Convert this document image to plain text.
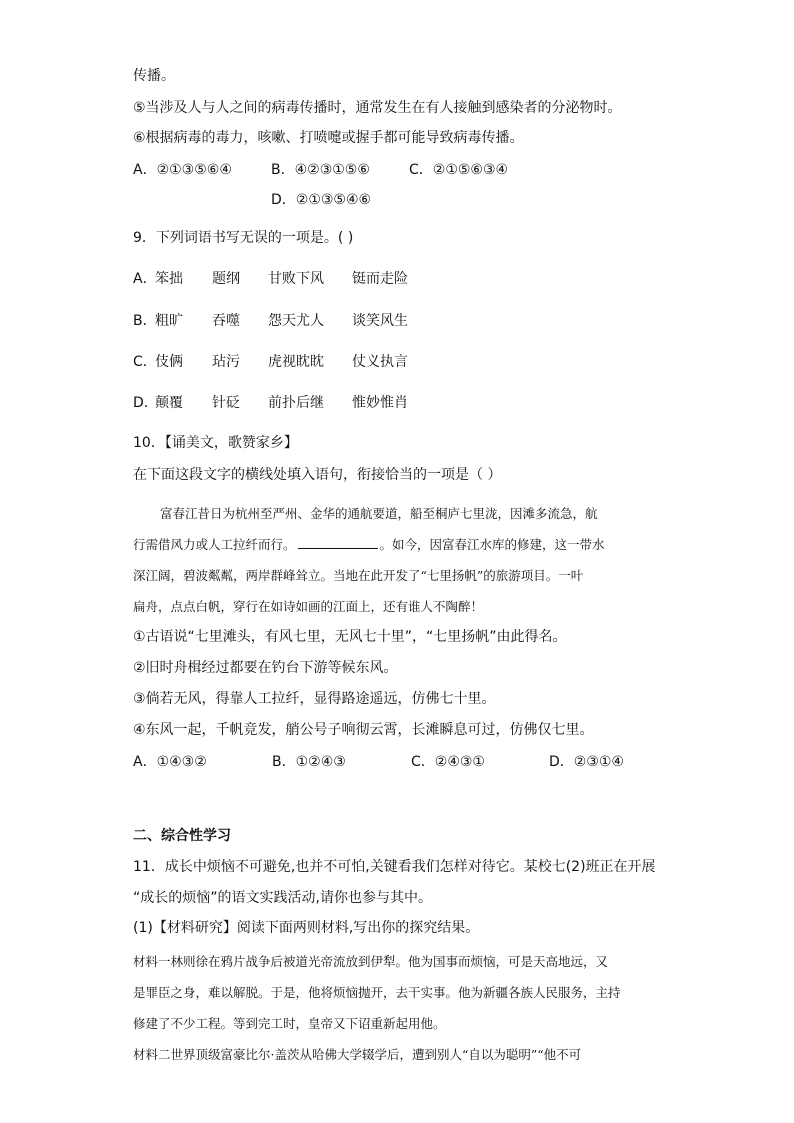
传播。
⑤当涉及人与人之间的病毒传播时，通常发生在有人接触到感染者的分泌物时。
⑥根据病毒的毒力，咳嗽、打喷嚏或握手都可能导致病毒传播。
A．②①③⑤⑥④	B．④②③①⑤⑥	C．②①⑤⑥③④
D．②①③⑤④⑥
9．下列词语书写无误的一项是。( )
A．笨拙 题纲 甘败下风 铤而走险
B．粗旷 吞噬 怨天尤人 谈笑风生
C．伎俩 玷污 虎视眈眈 仗义执言
D．颠覆 针砭 前扑后继 惟妙惟肖
10．【诵美文，歌赞家乡】
在下面这段文字的横线处填入语句，衔接恰当的一项是（ ）
富春江昔日为杭州至严州、金华的通航要道，船至桐庐七里泷，因滩多流急，航
行需借风力或人工拉纤而行。	。如今，因富春江水库的修建，这一带水
深江阔，碧波粼粼，两岸群峰耸立。当地在此开发了“七里扬帆”的旅游项目。一叶
扁舟，点点白帆，穿行在如诗如画的江面上，还有谁人不陶醉！
①古语说“七里滩头，有风七里，无风七十里”，“七里扬帆”由此得名。
②旧时舟楫经过都要在钓台下游等候东风。
③倘若无风，得靠人工拉纤，显得路途遥远，仿佛七十里。
④东风一起，千帆竞发，艄公号子响彻云霄，长滩瞬息可过，仿佛仅七里。
A．①④③②	B．①②④③	C．②④③①	D．②③①④
二、综合性学习
11．成长中烦恼不可避免,也并不可怕,关键看我们怎样对待它。某校七(2)班正在开展
“成长的烦恼”的语文实践活动,请你也参与其中。
(1)【材料研究】阅读下面两则材料,写出你的探究结果。
材料一林则徐在鸦片战争后被道光帝流放到伊犁。他为国事而烦恼，可是天高地远，又
是罪臣之身，难以解脱。于是，他将烦恼抛开，去干实事。他为新疆各族人民服务，主持
修建了不少工程。等到完工时，皇帝又下诏重新起用他。
材料二世界顶级富豪比尔·盖茨从哈佛大学辍学后，遭到别人“自以为聪明”“他不可
